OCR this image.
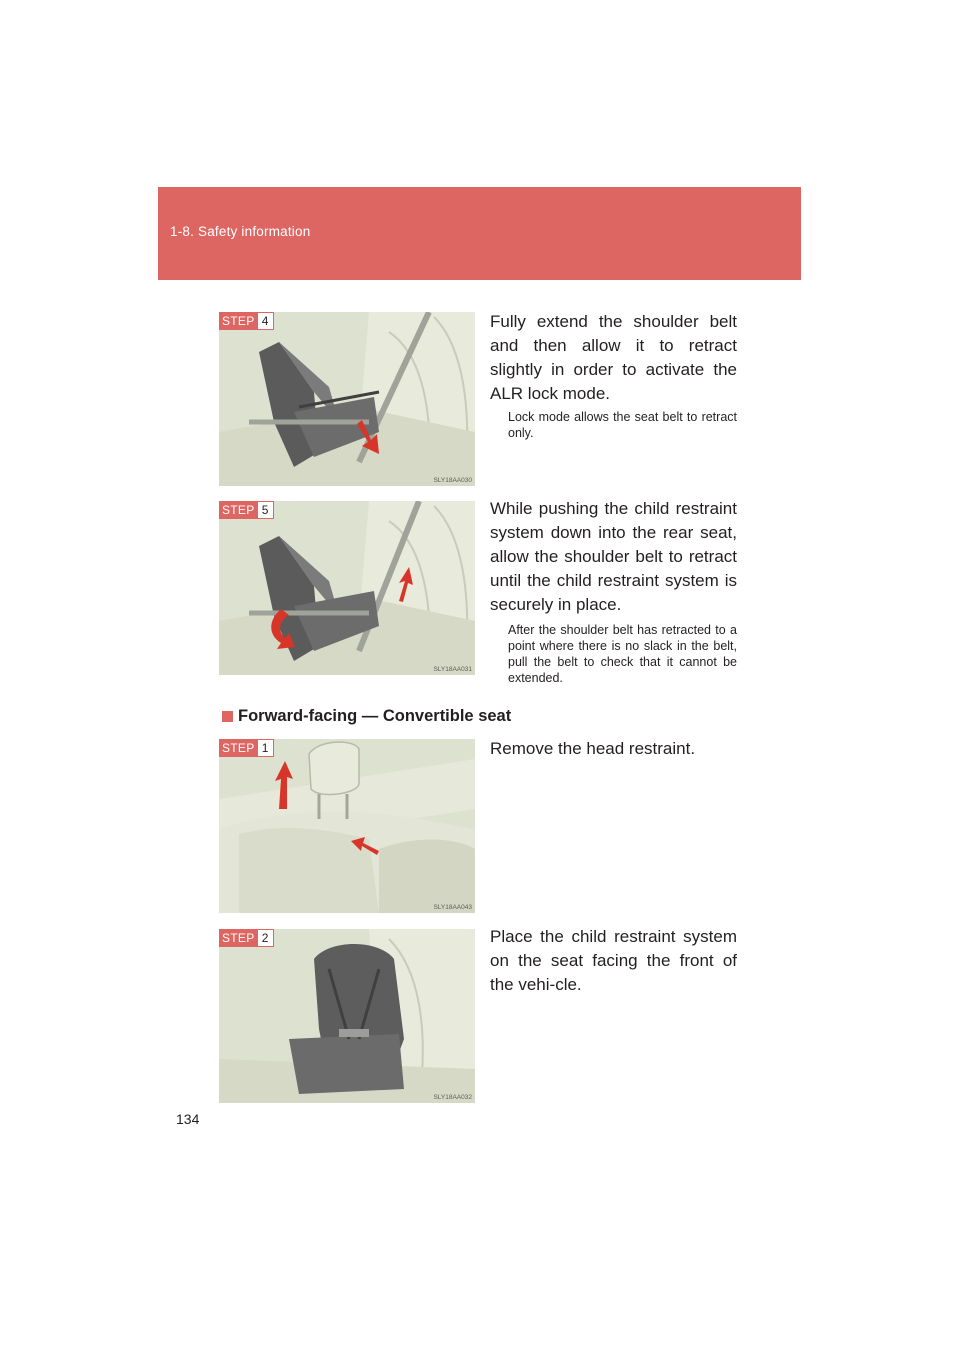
1-8. Safety information
STEP 4
SLY18AA030
Fully extend the shoulder belt and then allow it to retract slightly in order to activate the ALR lock mode.
Lock mode allows the seat belt to retract only.
STEP 5
SLY18AA031
While pushing the child restraint system down into the rear seat, allow the shoulder belt to retract until the child restraint system is securely in place.
After the shoulder belt has retracted to a point where there is no slack in the belt, pull the belt to check that it cannot be extended.
Forward-facing — Convertible seat
STEP 1
SLY18AA043
Remove the head restraint.
STEP 2
SLY18AA032
Place the child restraint system on the seat facing the front of the vehi-cle.
134
